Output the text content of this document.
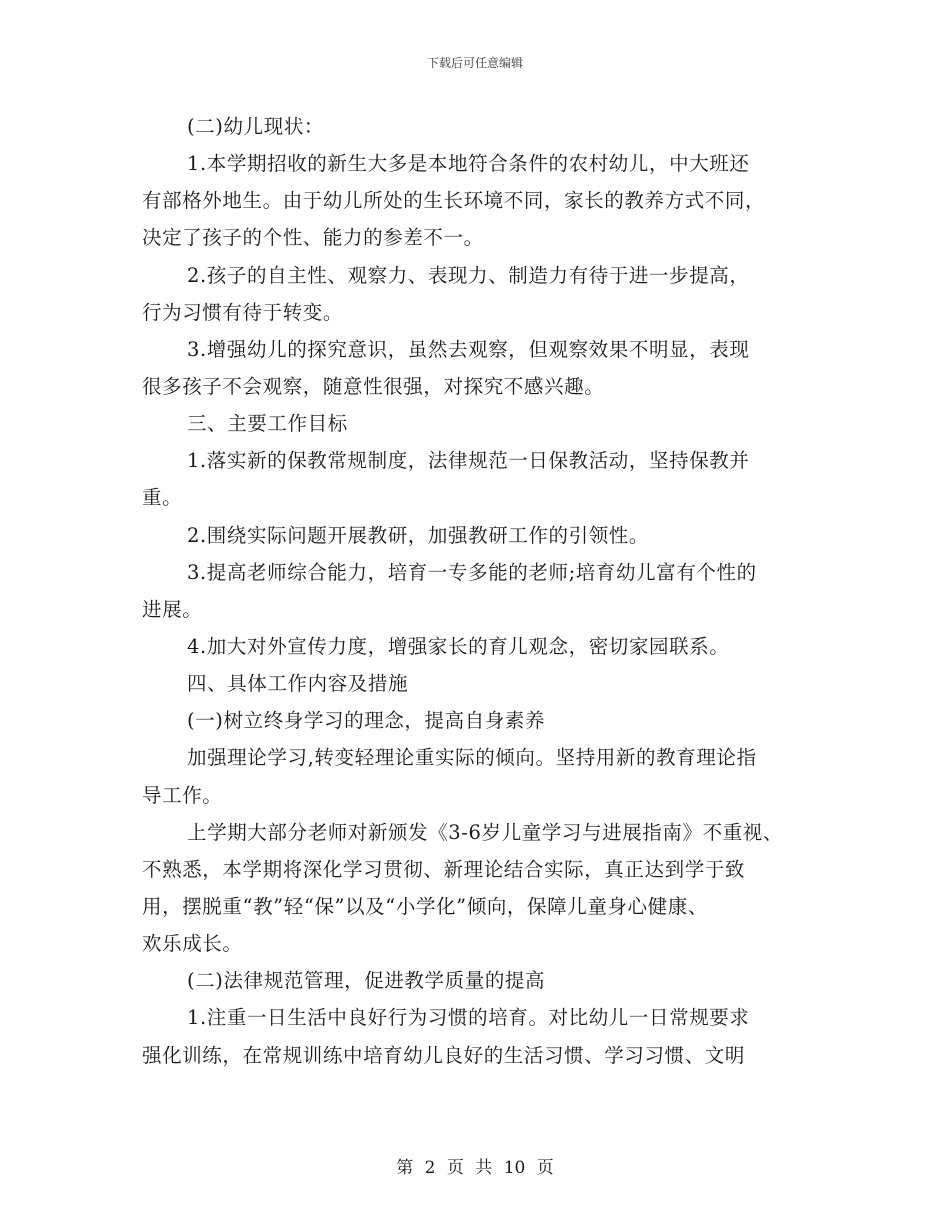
下载后可任意编辑
(二)幼儿现状：
1.本学期招收的新生大多是本地符合条件的农村幼儿，中大班还
有部格外地生。由于幼儿所处的生长环境不同，家长的教养方式不同，
决定了孩子的个性、能力的参差不一。
2.孩子的自主性、观察力、表现力、制造力有待于进一步提高，
行为习惯有待于转变。
3.增强幼儿的探究意识，虽然去观察，但观察效果不明显，表现
很多孩子不会观察，随意性很强，对探究不感兴趣。
三、主要工作目标
1.落实新的保教常规制度，法律规范一日保教活动，坚持保教并
重。
2.围绕实际问题开展教研，加强教研工作的引领性。
3.提高老师综合能力，培育一专多能的老师;培育幼儿富有个性的
进展。
4.加大对外宣传力度，增强家长的育儿观念，密切家园联系。
四、具体工作内容及措施
(一)树立终身学习的理念，提高自身素养
加强理论学习,转变轻理论重实际的倾向。坚持用新的教育理论指
导工作。
上学期大部分老师对新颁发《3-6岁儿童学习与进展指南》不重视、
不熟悉，本学期将深化学习贯彻、新理论结合实际，真正达到学于致
用，摆脱重“教”轻“保”以及“小学化”倾向，保障儿童身心健康、
欢乐成长。
(二)法律规范管理，促进教学质量的提高
1.注重一日生活中良好行为习惯的培育。对比幼儿一日常规要求
强化训练，在常规训练中培育幼儿良好的生活习惯、学习习惯、文明
第 2 页 共 10 页
